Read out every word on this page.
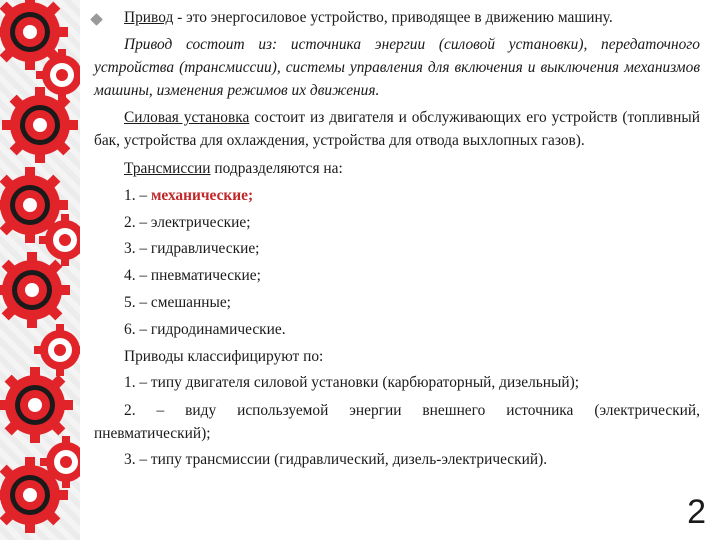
Привод - это энергосиловое устройство, приводящее в движению машину.

Привод состоит из: источника энергии (силовой установки), передаточного устройства (трансмиссии), системы управления для включения и выключения механизмов машины, изменения режимов их движения.

Силовая установка состоит из двигателя и обслуживающих его устройств (топливный бак, устройства для охлаждения, устройства для отвода выхлопных газов).

Трансмиссии подразделяются на:

1. – механические;

2. – электрические;

3. – гидравлические;

4. – пневматические;

5. – смешанные;

6. – гидродинамические.

Приводы классифицируют по:

1. – типу двигателя силовой установки (карбюраторный, дизельный);

2. – виду используемой энергии внешнего источника (электрический, пневматический);

3. – типу трансмиссии (гидравлический, дизель-электрический).

2
